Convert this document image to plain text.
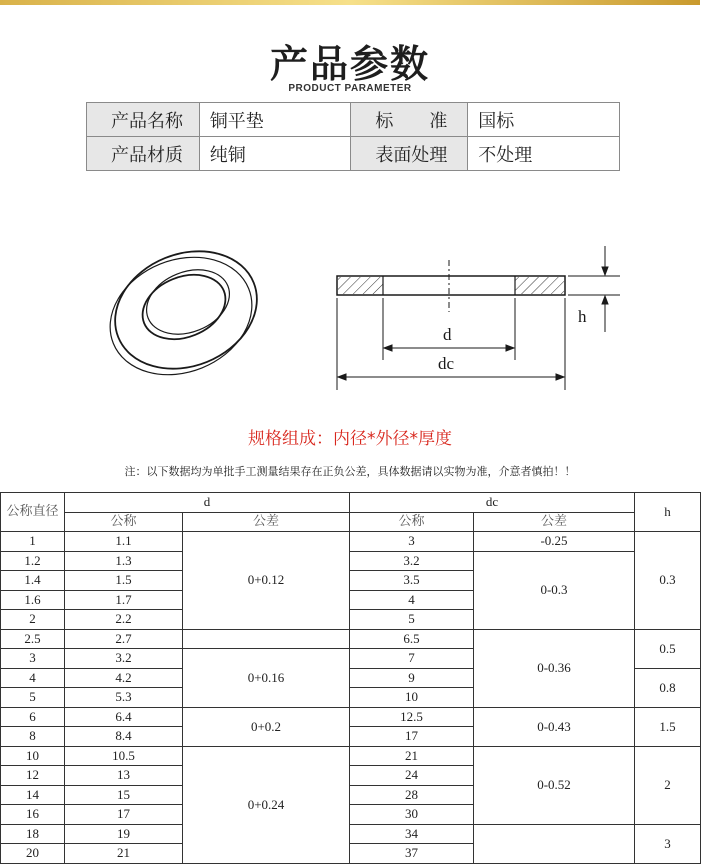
产品参数
PRODUCT PARAMETER
产品名称	铜平垫	标　　准	国标
产品材质	纯铜	表面处理	不处理
d
dc
h
规格组成：内径*外径*厚度
注：以下数据均为单批手工测量结果存在正负公差，具体数据请以实物为准，介意者慎拍！！
公称直径	d		dc		h
	公称	公差	公称	公差	
1	1.1	0+0.12	3	-0.25	0.3
1.2	1.3		3.2	0-0.3	
1.4	1.5		3.5		
1.6	1.7		4		
2	2.2		5		
2.5	2.7		6.5	0-0.36	0.5
3	3.2	0+0.16	7		
4	4.2		9		0.8
5	5.3		10		
6	6.4	0+0.2	12.5	0-0.43	1.5
8	8.4		17		
10	10.5	0+0.24	21	0-0.52	2
12	13		24		
14	15		28		
16	17		30		
18	19		34		3
20	21		37		
